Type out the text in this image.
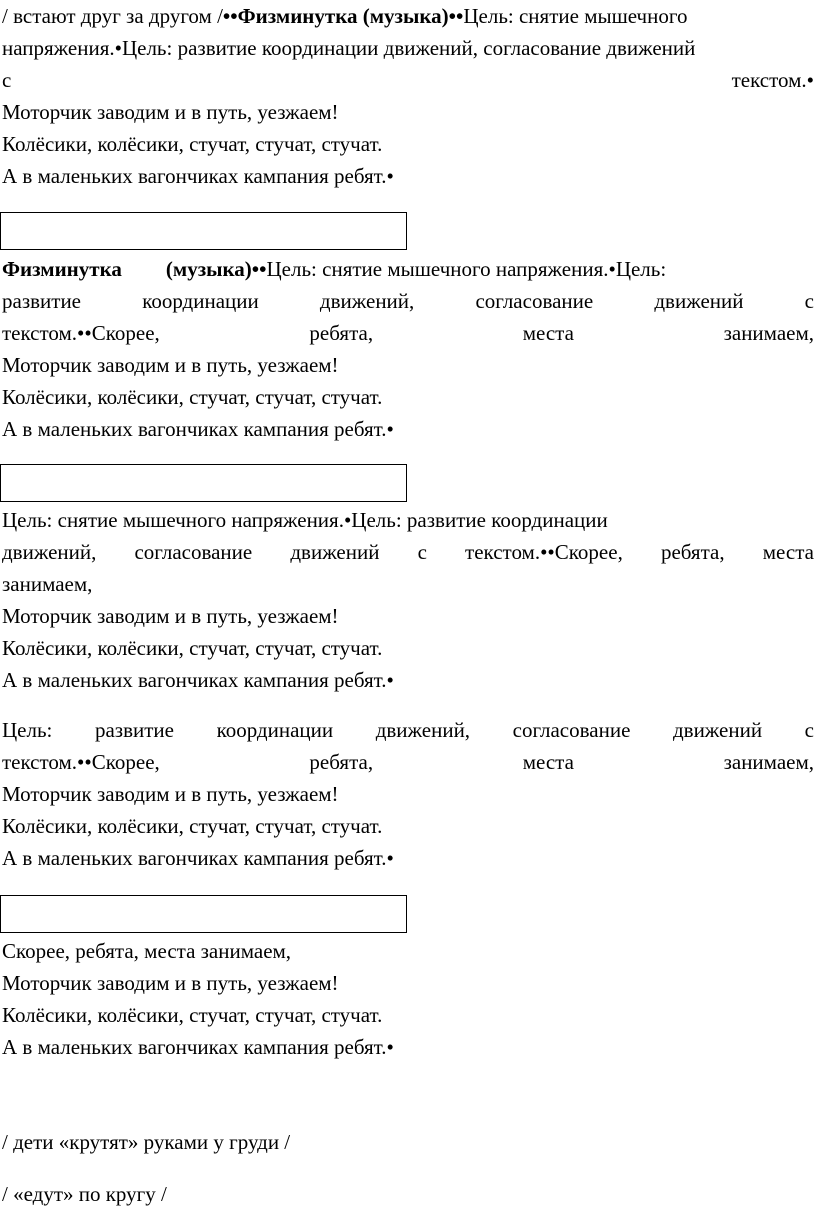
/ встают друг за другом /••Физминутка (музыка)••Цель: снятие мышечного
напряжения.•Цель: развитие координации движений, согласование движений
с	текстом.•
Моторчик заводим и в путь, уезжаем!
Колёсики, колёсики, стучат, стучат, стучат.
А в маленьких вагончиках кампания ребят.•
Физминутка (музыка)••Цель: снятие мышечного напряжения.•Цель:
развитие	координации	движений,	согласование	движений	с
текстом.••Скорее,	ребята,	места	занимаем,
Моторчик заводим и в путь, уезжаем!
Колёсики, колёсики, стучат, стучат, стучат.
А в маленьких вагончиках кампания ребят.•
Цель: снятие мышечного напряжения.•Цель: развитие координации
движений, согласование движений с текстом.••Скорее, ребята, места
занимаем,
Моторчик заводим и в путь, уезжаем!
Колёсики, колёсики, стучат, стучат, стучат.
А в маленьких вагончиках кампания ребят.•
Цель: развитие координации движений, согласование движений с
текстом.••Скорее,	ребята,	места	занимаем,
Моторчик заводим и в путь, уезжаем!
Колёсики, колёсики, стучат, стучат, стучат.
А в маленьких вагончиках кампания ребят.•
Скорее, ребята, места занимаем,
Моторчик заводим и в путь, уезжаем!
Колёсики, колёсики, стучат, стучат, стучат.
А в маленьких вагончиках кампания ребят.•
/ дети «крутят» руками у груди /
/ «едут» по кругу /
